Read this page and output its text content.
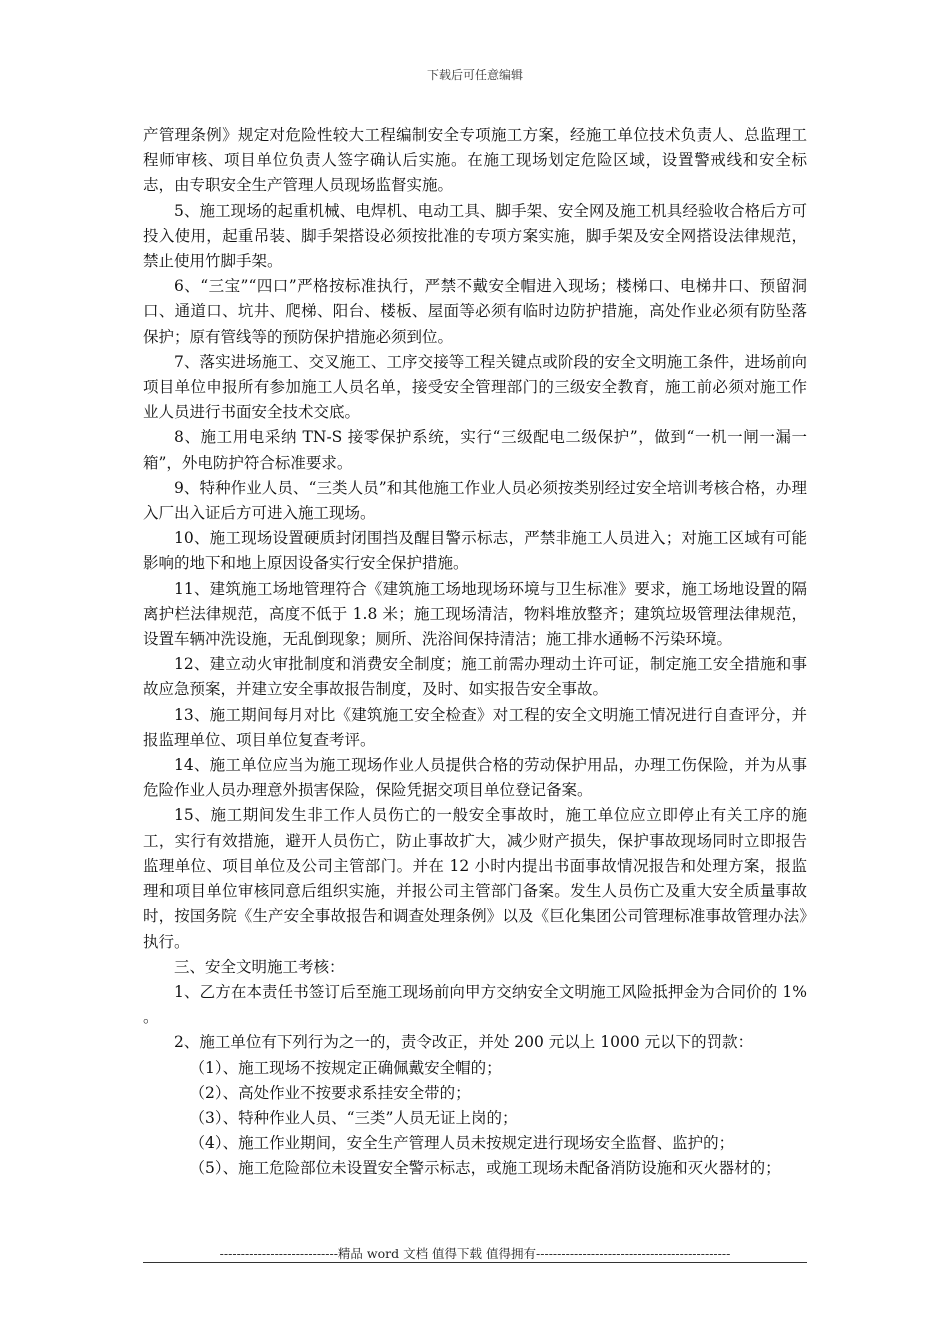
下载后可任意编辑

产管理条例》规定对危险性较大工程编制安全专项施工方案，经施工单位技术负责人、总监理工程师审核、项目单位负责人签字确认后实施。在施工现场划定危险区域，设置警戒线和安全标志，由专职安全生产管理人员现场监督实施。

5、施工现场的起重机械、电焊机、电动工具、脚手架、安全网及施工机具经验收合格后方可投入使用，起重吊装、脚手架搭设必须按批准的专项方案实施，脚手架及安全网搭设法律规范，禁止使用竹脚手架。

6、“三宝”“四口”严格按标准执行，严禁不戴安全帽进入现场；楼梯口、电梯井口、预留洞口、通道口、坑井、爬梯、阳台、楼板、屋面等必须有临时边防护措施，高处作业必须有防坠落保护；原有管线等的预防保护措施必须到位。

7、落实进场施工、交叉施工、工序交接等工程关键点或阶段的安全文明施工条件，进场前向项目单位申报所有参加施工人员名单，接受安全管理部门的三级安全教育，施工前必须对施工作业人员进行书面安全技术交底。

8、施工用电采纳 TN-S 接零保护系统，实行“三级配电二级保护”，做到“一机一闸一漏一箱”，外电防护符合标准要求。

9、特种作业人员、“三类人员”和其他施工作业人员必须按类别经过安全培训考核合格，办理入厂出入证后方可进入施工现场。

10、施工现场设置硬质封闭围挡及醒目警示标志，严禁非施工人员进入；对施工区域有可能影响的地下和地上原因设备实行安全保护措施。

11、建筑施工场地管理符合《建筑施工场地现场环境与卫生标准》要求，施工场地设置的隔离护栏法律规范，高度不低于 1.8 米；施工现场清洁，物料堆放整齐；建筑垃圾管理法律规范，设置车辆冲洗设施，无乱倒现象；厕所、洗浴间保持清洁；施工排水通畅不污染环境。

12、建立动火审批制度和消费安全制度；施工前需办理动土许可证，制定施工安全措施和事故应急预案，并建立安全事故报告制度，及时、如实报告安全事故。

13、施工期间每月对比《建筑施工安全检查》对工程的安全文明施工情况进行自查评分，并报监理单位、项目单位复查考评。

14、施工单位应当为施工现场作业人员提供合格的劳动保护用品，办理工伤保险，并为从事危险作业人员办理意外损害保险，保险凭据交项目单位登记备案。

15、施工期间发生非工作人员伤亡的一般安全事故时，施工单位应立即停止有关工序的施工，实行有效措施，避开人员伤亡，防止事故扩大，减少财产损失，保护事故现场同时立即报告监理单位、项目单位及公司主管部门。并在 12 小时内提出书面事故情况报告和处理方案，报监理和项目单位审核同意后组织实施，并报公司主管部门备案。发生人员伤亡及重大安全质量事故时，按国务院《生产安全事故报告和调查处理条例》以及《巨化集团公司管理标准事故管理办法》执行。

三、安全文明施工考核：

1、乙方在本责任书签订后至施工现场前向甲方交纳安全文明施工风险抵押金为合同价的 1% 。

2、施工单位有下列行为之一的，责令改正，并处 200 元以上 1000 元以下的罚款：

（1）、施工现场不按规定正确佩戴安全帽的；

（2）、高处作业不按要求系挂安全带的；

（3）、特种作业人员、“三类”人员无证上岗的；

（4）、施工作业期间，安全生产管理人员未按规定进行现场安全监督、监护的；

（5）、施工危险部位未设置安全警示标志，或施工现场未配备消防设施和灭火器材的；

----------------------------精品 word 文档 值得下载 值得拥有----------------------------------------------
